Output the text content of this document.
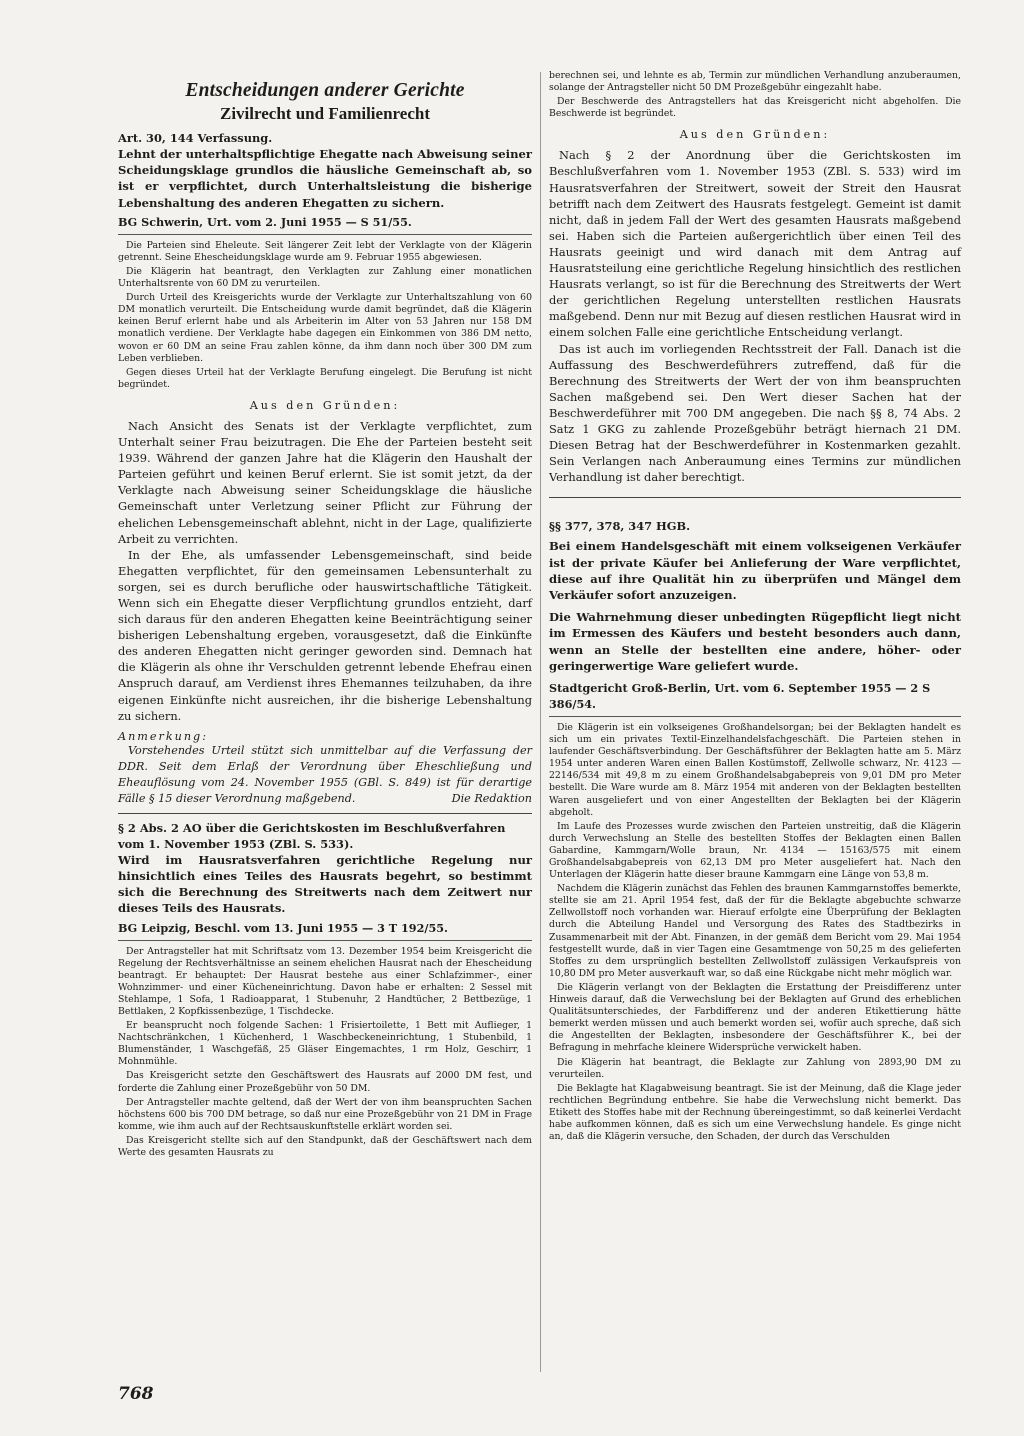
Entscheidungen anderer Gerichte
Zivilrecht und Familienrecht
Art. 30, 144 Verfassung.

Lehnt der unterhaltspflichtige Ehegatte nach Abweisung seiner Scheidungsklage grundlos die häusliche Gemeinschaft ab, so ist er verpflichtet, durch Unterhaltsleistung die bisherige Lebenshaltung des anderen Ehegatten zu sichern.

BG Schwerin, Urt. vom 2. Juni 1955 — S 51/55.

Die Parteien sind Eheleute. Seit längerer Zeit lebt der Verklagte von der Klägerin getrennt. Seine Ehescheidungsklage wurde am 9. Februar 1955 abgewiesen.

Die Klägerin hat beantragt, den Verklagten zur Zahlung einer monatlichen Unterhaltsrente von 60 DM zu verurteilen.

Durch Urteil des Kreisgerichts wurde der Verklagte zur Unterhaltszahlung von 60 DM monatlich verurteilt. Die Entscheidung wurde damit begründet, daß die Klägerin keinen Beruf erlernt habe und als Arbeiterin im Alter von 53 Jahren nur 158 DM monatlich verdiene. Der Verklagte habe dagegen ein Einkommen von 386 DM netto, wovon er 60 DM an seine Frau zahlen könne, da ihm dann noch über 300 DM zum Leben verblieben.

Gegen dieses Urteil hat der Verklagte Berufung eingelegt. Die Berufung ist nicht begründet.

Aus den Gründen:

Nach Ansicht des Senats ist der Verklagte verpflichtet, zum Unterhalt seiner Frau beizutragen. Die Ehe der Parteien besteht seit 1939. Während der ganzen Jahre hat die Klägerin den Haushalt der Parteien geführt und keinen Beruf erlernt. Sie ist somit jetzt, da der Verklagte nach Abweisung seiner Scheidungsklage die häusliche Gemeinschaft unter Verletzung seiner Pflicht zur Führung der ehelichen Lebensgemeinschaft ablehnt, nicht in der Lage, qualifizierte Arbeit zu verrichten.

In der Ehe, als umfassender Lebensgemeinschaft, sind beide Ehegatten verpflichtet, für den gemeinsamen Lebensunterhalt zu sorgen, sei es durch berufliche oder hauswirtschaftliche Tätigkeit. Wenn sich ein Ehegatte dieser Verpflichtung grundlos entzieht, darf sich daraus für den anderen Ehegatten keine Beeinträchtigung seiner bisherigen Lebenshaltung ergeben, vorausgesetzt, daß die Einkünfte des anderen Ehegatten nicht geringer geworden sind. Demnach hat die Klägerin als ohne ihr Verschulden getrennt lebende Ehefrau einen Anspruch darauf, am Verdienst ihres Ehemannes teilzuhaben, da ihre eigenen Einkünfte nicht ausreichen, ihr die bisherige Lebenshaltung zu sichern.

Anmerkung:

Vorstehendes Urteil stützt sich unmittelbar auf die Verfassung der DDR. Seit dem Erlaß der Verordnung über Eheschließung und Eheauflösung vom 24. November 1955 (GBl. S. 849) ist für derartige Fälle § 15 dieser Verordnung maßgebend.	Die Redaktion

§ 2 Abs. 2 AO über die Gerichtskosten im Beschlußverfahren vom 1. November 1953 (ZBl. S. 533).

Wird im Hausratsverfahren gerichtliche Regelung nur hinsichtlich eines Teiles des Hausrats begehrt, so bestimmt sich die Berechnung des Streitwerts nach dem Zeitwert nur dieses Teils des Hausrats.

BG Leipzig, Beschl. vom 13. Juni 1955 — 3 T 192/55.

Der Antragsteller hat mit Schriftsatz vom 13. Dezember 1954 beim Kreisgericht die Regelung der Rechtsverhältnisse an seinem ehelichen Hausrat nach der Ehescheidung beantragt. Er behauptet: Der Hausrat bestehe aus einer Schlafzimmer-, einer Wohnzimmer- und einer Kücheneinrichtung. Davon habe er erhalten: 2 Sessel mit Stehlampe, 1 Sofa, 1 Radioapparat, 1 Stubenuhr, 2 Handtücher, 2 Bettbezüge, 1 Bettlaken, 2 Kopfkissenbezüge, 1 Tischdecke.

Er beansprucht noch folgende Sachen: 1 Frisiertoilette, 1 Bett mit Auflieger, 1 Nachtschränkchen, 1 Küchenherd, 1 Waschbeckeneinrichtung, 1 Stubenbild, 1 Blumenständer, 1 Waschgefäß, 25 Gläser Eingemachtes, 1 rm Holz, Geschirr, 1 Mohnmühle.

Das Kreisgericht setzte den Geschäftswert des Hausrats auf 2000 DM fest, und forderte die Zahlung einer Prozeßgebühr von 50 DM.

Der Antragsteller machte geltend, daß der Wert der von ihm beanspruchten Sachen höchstens 600 bis 700 DM betrage, so daß nur eine Prozeßgebühr von 21 DM in Frage komme, wie ihm auch auf der Rechtsauskunftstelle erklärt worden sei.

Das Kreisgericht stellte sich auf den Standpunkt, daß der Geschäftswert nach dem Werte des gesamten Hausrats zu

berechnen sei, und lehnte es ab, Termin zur mündlichen Verhandlung anzuberaumen, solange der Antragsteller nicht 50 DM Prozeßgebühr eingezahlt habe.

Der Beschwerde des Antragstellers hat das Kreisgericht nicht abgeholfen. Die Beschwerde ist begründet.

Aus den Gründen:

Nach § 2 der Anordnung über die Gerichtskosten im Beschlußverfahren vom 1. November 1953 (ZBl. S. 533) wird im Hausratsverfahren der Streitwert, soweit der Streit den Hausrat betrifft nach dem Zeitwert des Hausrats festgelegt. Gemeint ist damit nicht, daß in jedem Fall der Wert des gesamten Hausrats maßgebend sei. Haben sich die Parteien außergerichtlich über einen Teil des Hausrats geeinigt und wird danach mit dem Antrag auf Hausratsteilung eine gerichtliche Regelung hinsichtlich des restlichen Hausrats verlangt, so ist für die Berechnung des Streitwerts der Wert der gerichtlichen Regelung unterstellten restlichen Hausrats maßgebend. Denn nur mit Bezug auf diesen restlichen Hausrat wird in einem solchen Falle eine gerichtliche Entscheidung verlangt.

Das ist auch im vorliegenden Rechtsstreit der Fall. Danach ist die Auffassung des Beschwerdeführers zutreffend, daß für die Berechnung des Streitwerts der Wert der von ihm beanspruchten Sachen maßgebend sei. Den Wert dieser Sachen hat der Beschwerdeführer mit 700 DM angegeben. Die nach §§ 8, 74 Abs. 2 Satz 1 GKG zu zahlende Prozeßgebühr beträgt hiernach 21 DM. Diesen Betrag hat der Beschwerdeführer in Kostenmarken gezahlt. Sein Verlangen nach Anberaumung eines Termins zur mündlichen Verhandlung ist daher berechtigt.

§§ 377, 378, 347 HGB.

Bei einem Handelsgeschäft mit einem volkseigenen Verkäufer ist der private Käufer bei Anlieferung der Ware verpflichtet, diese auf ihre Qualität hin zu überprüfen und Mängel dem Verkäufer sofort anzuzeigen.

Die Wahrnehmung dieser unbedingten Rügepflicht liegt nicht im Ermessen des Käufers und besteht besonders auch dann, wenn an Stelle der bestellten eine andere, höher- oder geringerwertige Ware geliefert wurde.

Stadtgericht Groß-Berlin, Urt. vom 6. September 1955 — 2 S 386/54.

Die Klägerin ist ein volkseigenes Großhandelsorgan; bei der Beklagten handelt es sich um ein privates Textil-Einzelhandelsfachgeschäft. Die Parteien stehen in laufender Geschäftsverbindung. Der Geschäftsführer der Beklagten hatte am 5. März 1954 unter anderen Waren einen Ballen Kostümstoff, Zellwolle schwarz, Nr. 4123 — 22146/534 mit 49,8 m zu einem Großhandelsabgabepreis von 9,01 DM pro Meter bestellt. Die Ware wurde am 8. März 1954 mit anderen von der Beklagten bestellten Waren ausgeliefert und von einer Angestellten der Beklagten bei der Klägerin abgeholt.

Im Laufe des Prozesses wurde zwischen den Parteien unstreitig, daß die Klägerin durch Verwechslung an Stelle des bestellten Stoffes der Beklagten einen Ballen Gabardine, Kammgarn/Wolle braun, Nr. 4134 — 15163/575 mit einem Großhandelsabgabepreis von 62,13 DM pro Meter ausgeliefert hat. Nach den Unterlagen der Klägerin hatte dieser braune Kammgarn eine Länge von 53,8 m.

Nachdem die Klägerin zunächst das Fehlen des braunen Kammgarnstoffes bemerkte, stellte sie am 21. April 1954 fest, daß der für die Beklagte abgebuchte schwarze Zellwollstoff noch vorhanden war. Hierauf erfolgte eine Überprüfung der Beklagten durch die Abteilung Handel und Versorgung des Rates des Stadtbezirks in Zusammenarbeit mit der Abt. Finanzen, in der gemäß dem Bericht vom 29. Mai 1954 festgestellt wurde, daß in vier Tagen eine Gesamtmenge von 50,25 m des gelieferten Stoffes zu dem ursprünglich bestellten Zellwollstoff zulässigen Verkaufspreis von 10,80 DM pro Meter ausverkauft war, so daß eine Rückgabe nicht mehr möglich war.

Die Klägerin verlangt von der Beklagten die Erstattung der Preisdifferenz unter Hinweis darauf, daß die Verwechslung bei der Beklagten auf Grund des erheblichen Qualitätsunterschiedes, der Farbdifferenz und der anderen Etikettierung hätte bemerkt werden müssen und auch bemerkt worden sei, wofür auch spreche, daß sich die Angestellten der Beklagten, insbesondere der Geschäftsführer K., bei der Befragung in mehrfache kleinere Widersprüche verwickelt haben.

Die Klägerin hat beantragt, die Beklagte zur Zahlung von 2893,90 DM zu verurteilen.

Die Beklagte hat Klagabweisung beantragt. Sie ist der Meinung, daß die Klage jeder rechtlichen Begründung entbehre. Sie habe die Verwechslung nicht bemerkt. Das Etikett des Stoffes habe mit der Rechnung übereingestimmt, so daß keinerlei Verdacht habe aufkommen können, daß es sich um eine Verwechslung handele. Es ginge nicht an, daß die Klägerin versuche, den Schaden, der durch das Verschulden

768
